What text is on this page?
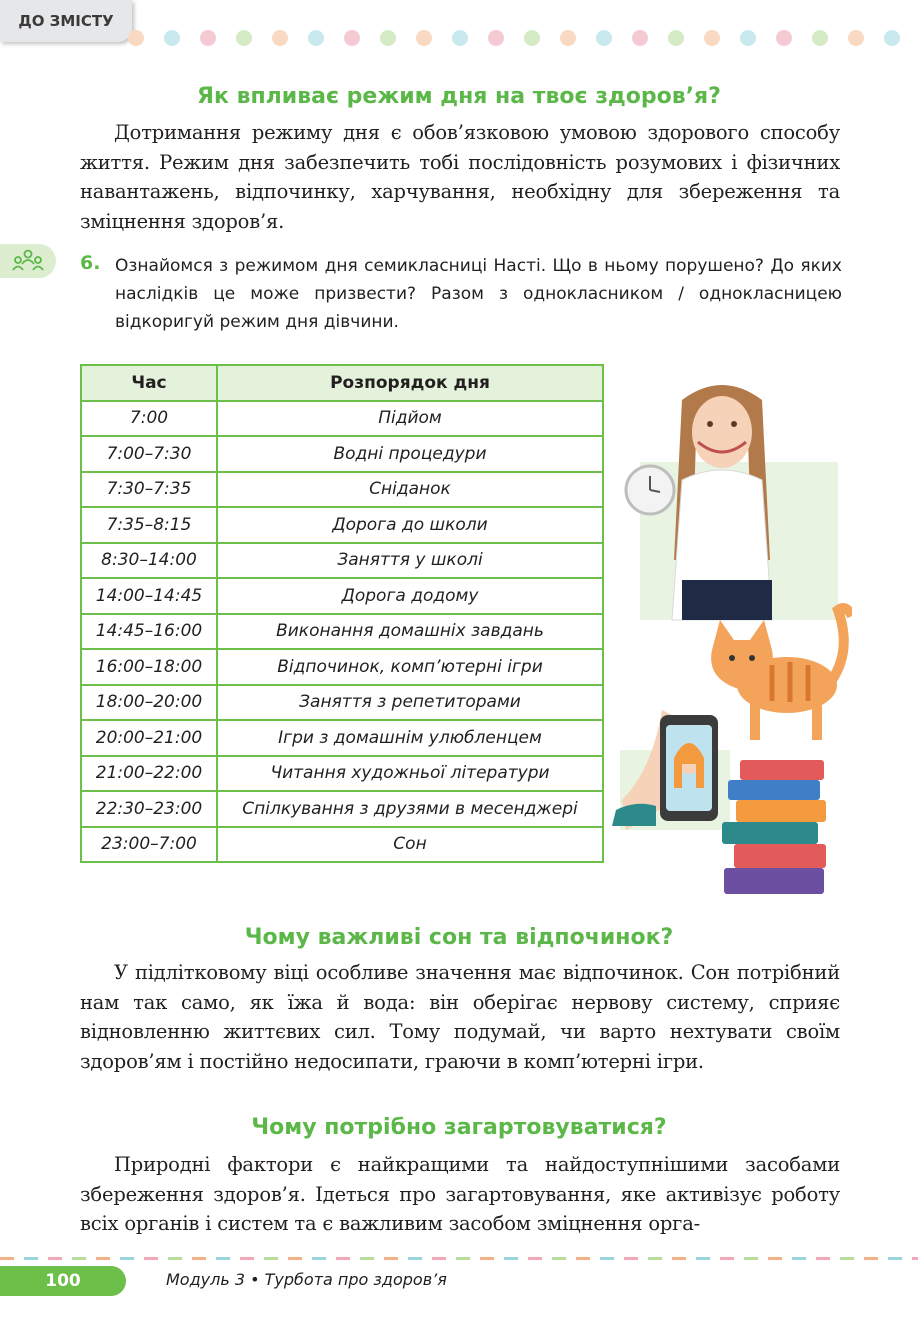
ДО ЗМІСТУ
Як впливає режим дня на твоє здоров’я?

Дотримання режиму дня є обов’язковою умовою здорового способу життя. Режим дня забезпечить тобі послідовність розумових і фізичних навантажень, відпочинку, харчування, необхідну для збереження та зміцнення здоров’я.

6. Ознайомся з режимом дня семикласниці Насті. Що в ньому порушено? До яких наслідків це може призвести? Разом з однокласником / однокласницею відкоригуй режим дня дівчини.

Час	Розпорядок дня
7:00	Підйом
7:00–7:30	Водні процедури
7:30–7:35	Сніданок
7:35–8:15	Дорога до школи
8:30–14:00	Заняття у школі
14:00–14:45	Дорога додому
14:45–16:00	Виконання домашніх завдань
16:00–18:00	Відпочинок, комп’ютерні ігри
18:00–20:00	Заняття з репетиторами
20:00–21:00	Ігри з домашнім улюбленцем
21:00–22:00	Читання художньої літератури
22:30–23:00	Спілкування з друзями в месенджері
23:00–7:00	Сон
Чому важливі сон та відпочинок?

У підлітковому віці особливе значення має відпочинок. Сон потрібний нам так само, як їжа й вода: він оберігає нервову систему, сприяє відновленню життєвих сил. Тому подумай, чи варто нехтувати своїм здоров’ям і постійно недосипати, граючи в комп’ютерні ігри.

Чому потрібно загартовуватися?

Природні фактори є найкращими та найдоступнішими засобами збереження здоров’я. Ідеться про загартовування, яке активізує роботу всіх органів і систем та є важливим засобом зміцнення орга-

100	Модуль 3 • Турбота про здоров’я
